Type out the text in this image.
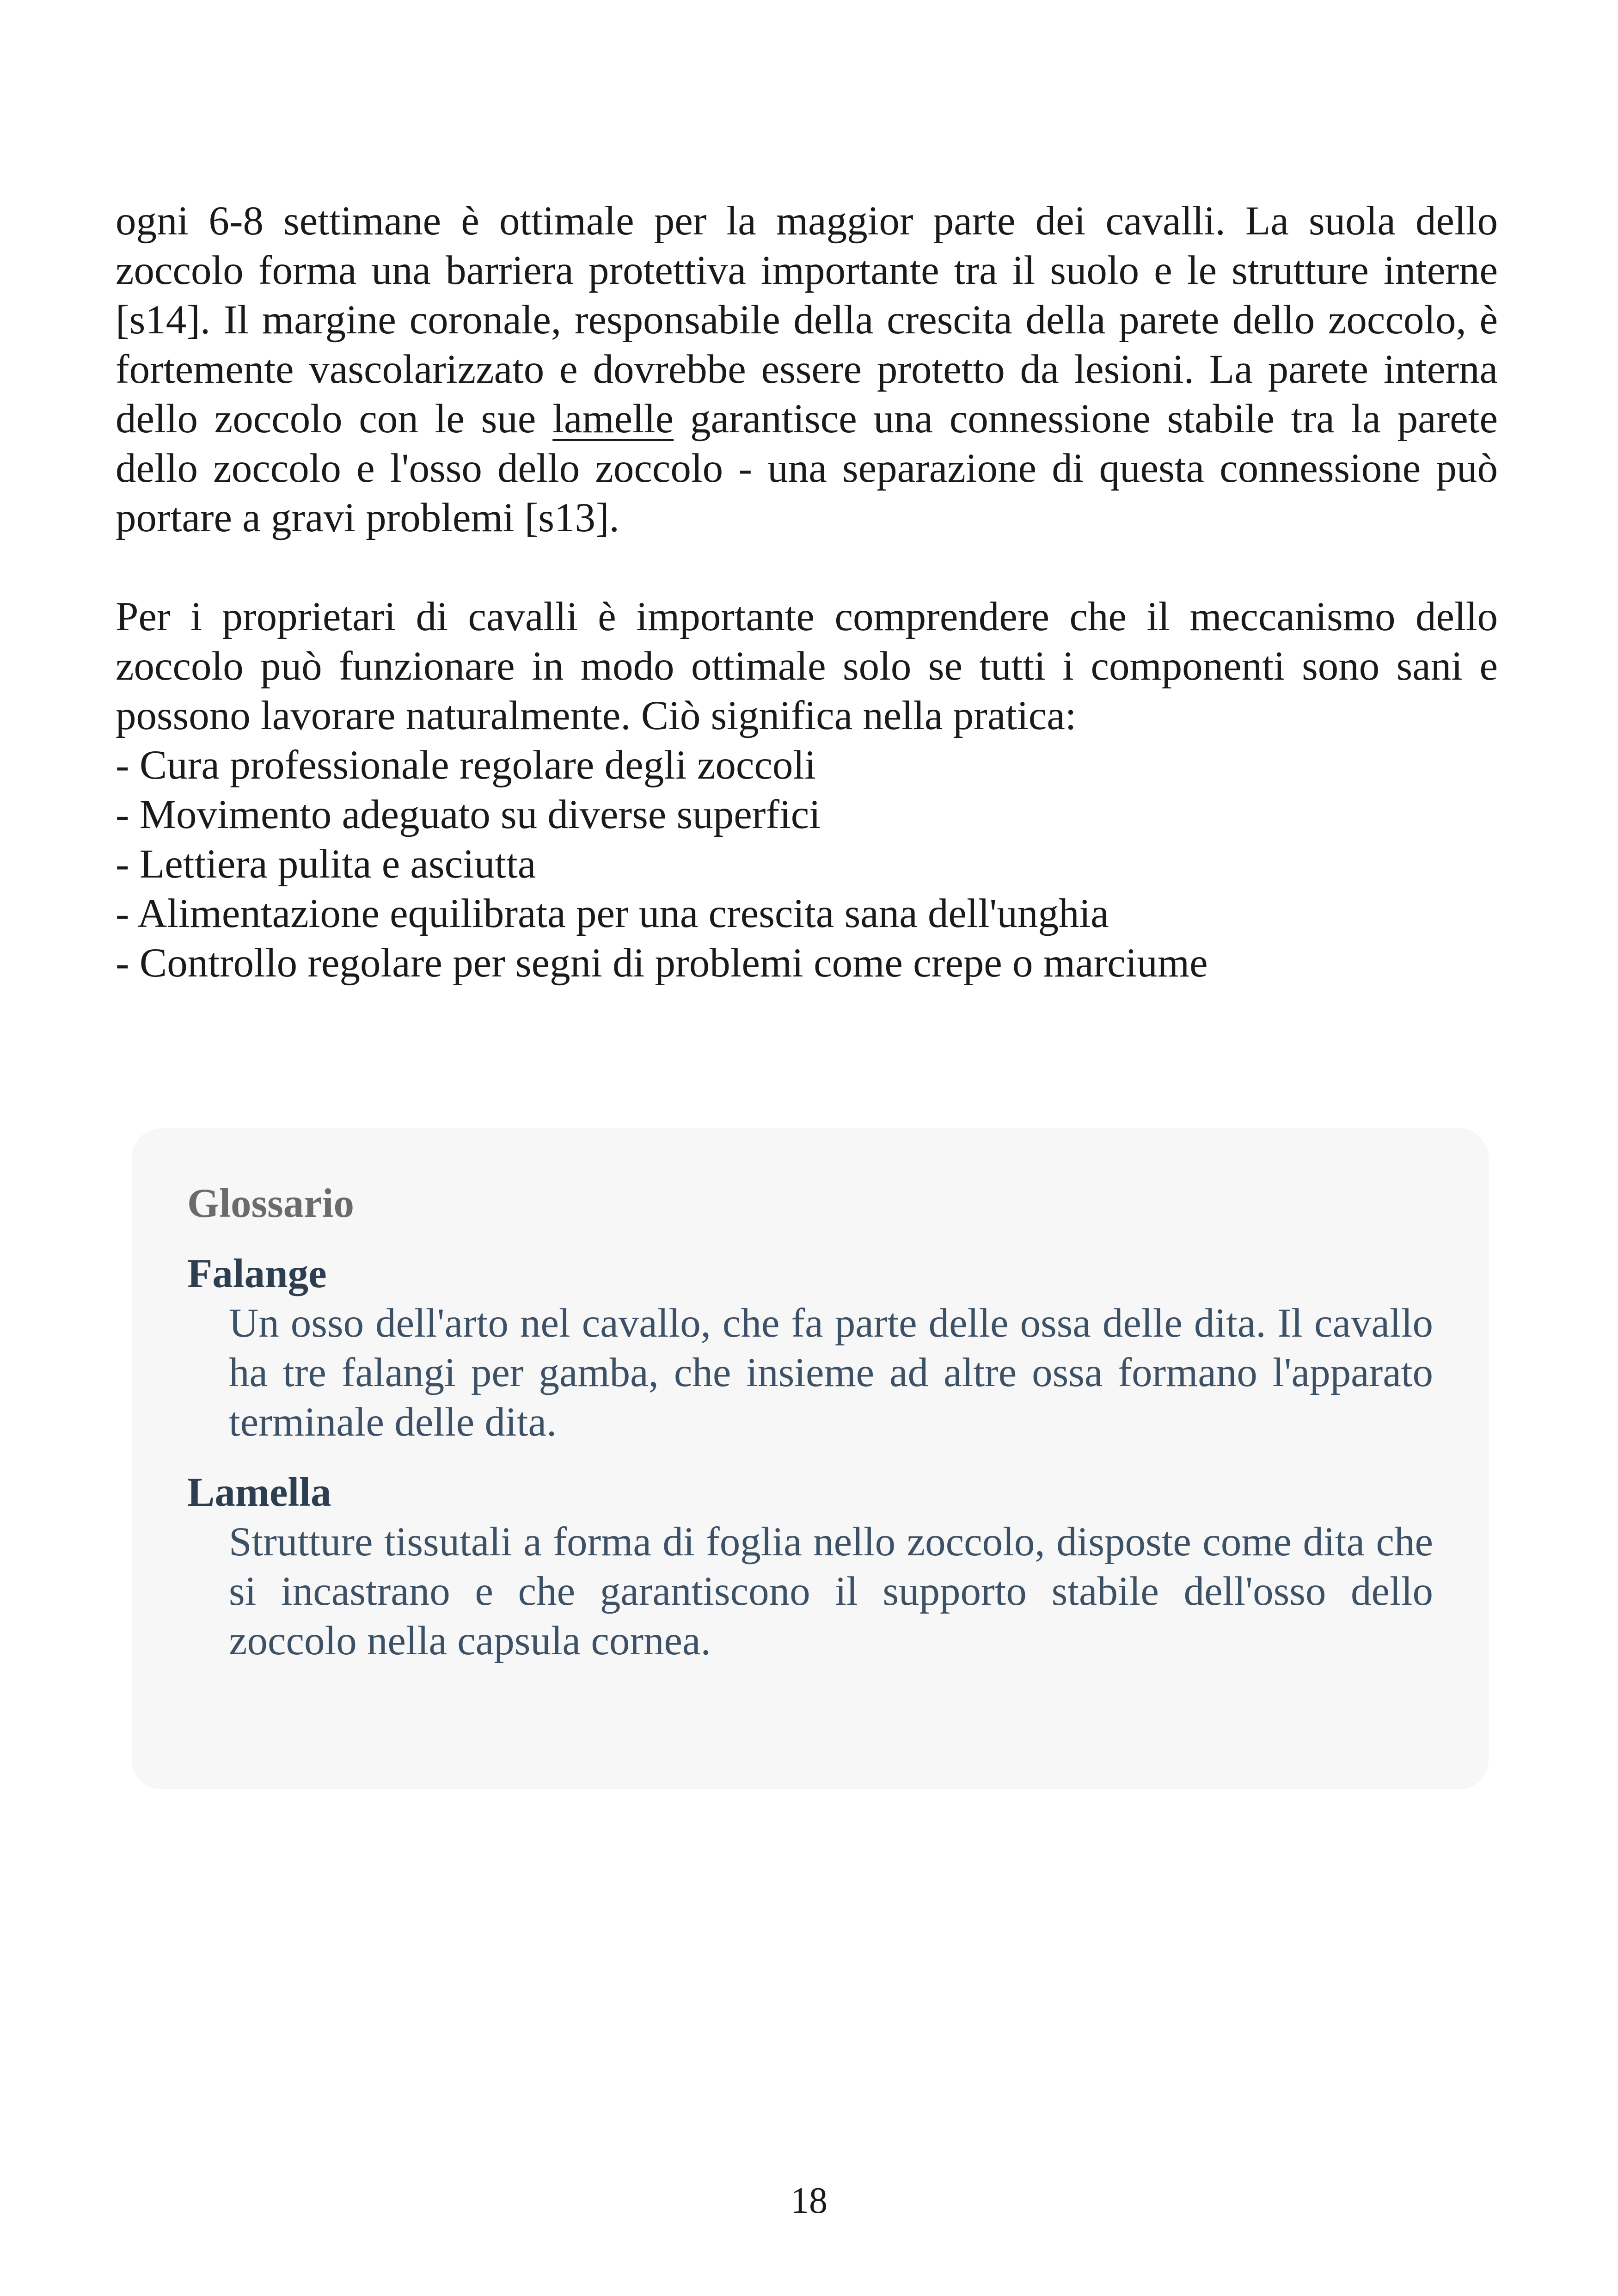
ogni 6-8 settimane è ottimale per la maggior parte dei cavalli. La suola dello zoccolo forma una barriera protettiva importante tra il suolo e le strutture interne [s14]. Il margine coronale, responsabile della crescita della parete dello zoccolo, è fortemente vascolarizzato e dovrebbe essere protetto da lesioni. La parete interna dello zoccolo con le sue lamelle garantisce una connessione stabile tra la parete dello zoccolo e l'osso dello zoccolo - una separazione di questa connessione può portare a gravi problemi [s13].

Per i proprietari di cavalli è importante comprendere che il meccanismo dello zoccolo può funzionare in modo ottimale solo se tutti i componenti sono sani e possono lavorare naturalmente. Ciò significa nella pratica:

- Cura professionale regolare degli zoccoli
- Movimento adeguato su diverse superfici
- Lettiera pulita e asciutta
- Alimentazione equilibrata per una crescita sana dell'unghia
- Controllo regolare per segni di problemi come crepe o marciume

Glossario

Falange

Un osso dell'arto nel cavallo, che fa parte delle ossa delle dita. Il cavallo ha tre falangi per gamba, che insieme ad altre ossa formano l'apparato terminale delle dita.

Lamella

Strutture tissutali a forma di foglia nello zoccolo, disposte come dita che si incastrano e che garantiscono il supporto stabile dell'osso dello zoccolo nella capsula cornea.

18
